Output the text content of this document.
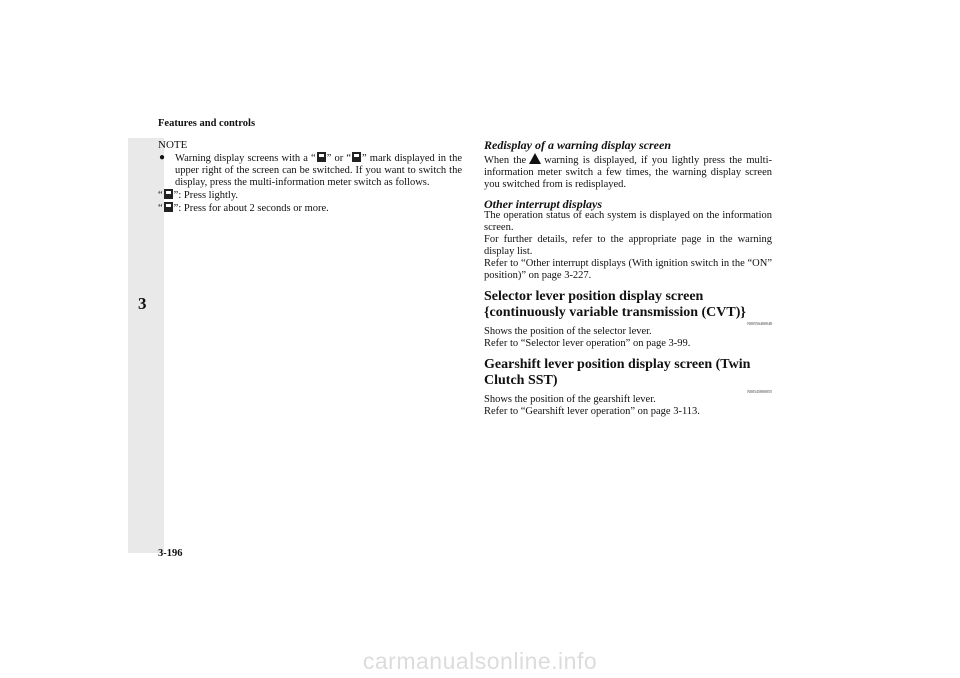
Features and controls
3

NOTE

● Warning display screens with a “ ” or “ ” mark displayed in the upper right of the screen can be switched. If you want to switch the display, press the multi-information meter switch as follows.

“ ”: Press lightly.

“ ”: Press for about 2 seconds or more.

Redisplay of a warning display screen

When the warning is displayed, if you lightly press the multi-information meter switch a few times, the warning display screen you switched from is redisplayed.

Other interrupt displays

The operation status of each system is displayed on the information screen.

For further details, refer to the appropriate page in the warning display list.

Refer to “Other interrupt displays (With ignition switch in the “ON” position)” on page 3-227.

Selector lever position display screen {continuously variable transmission (CVT)}

N00556400048

Shows the position of the selector lever.

Refer to “Selector lever operation” on page 3-99.

Gearshift lever position display screen (Twin Clutch SST)

N00545800055

Shows the position of the gearshift lever.

Refer to “Gearshift lever operation” on page 3-113.

3-196
carmanualsonline.info
